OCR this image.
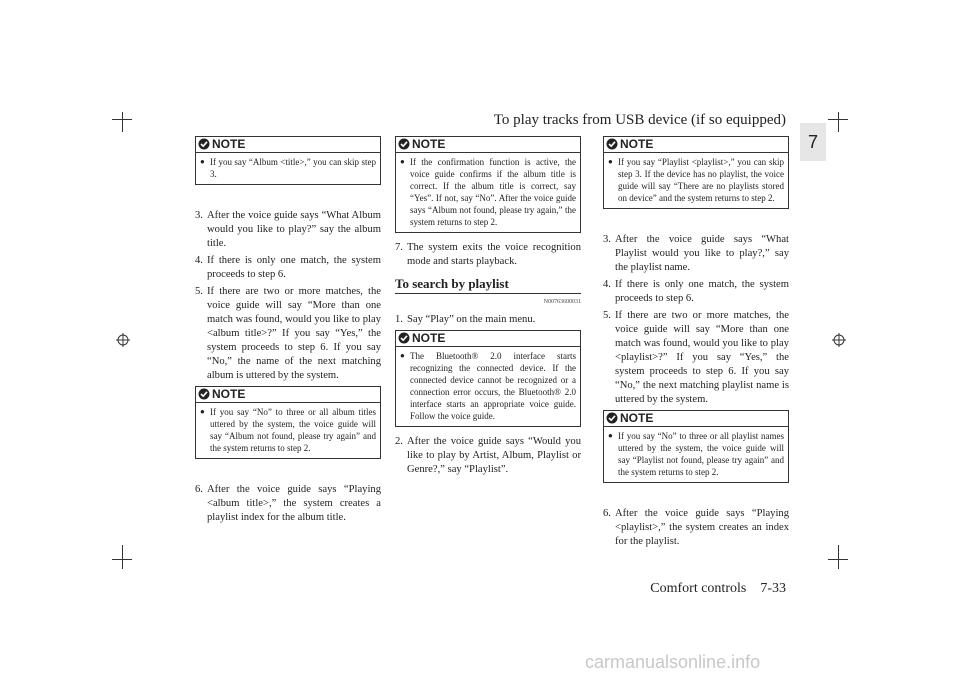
To play tracks from USB device (if so equipped)
7
NOTE
● If you say “Album <title>,” you can skip step 3.
3. After the voice guide says “What Album would you like to play?” say the album title.
4. If there is only one match, the system proceeds to step 6.
5. If there are two or more matches, the voice guide will say “More than one match was found, would you like to play <album title>?” If you say “Yes,” the system proceeds to step 6. If you say “No,” the name of the next matching album is uttered by the system.
NOTE
● If you say “No” to three or all album titles uttered by the system, the voice guide will say “Album not found, please try again” and the system returns to step 2.
6. After the voice guide says “Playing <album title>,” the system creates a playlist index for the album title.
NOTE
● If the confirmation function is active, the voice guide confirms if the album title is correct. If the album title is correct, say “Yes”. If not, say “No”. After the voice guide says “Album not found, please try again,” the system returns to step 2.
7. The system exits the voice recognition mode and starts playback.
To search by playlist
N00763600031
1. Say “Play” on the main menu.
NOTE
● The Bluetooth® 2.0 interface starts recognizing the connected device. If the connected device cannot be recognized or a connection error occurs, the Bluetooth® 2.0 interface starts an appropriate voice guide. Follow the voice guide.
2. After the voice guide says “Would you like to play by Artist, Album, Playlist or Genre?,” say “Playlist”.
NOTE
● If you say “Playlist <playlist>,” you can skip step 3. If the device has no playlist, the voice guide will say “There are no playlists stored on device” and the system returns to step 2.
3. After the voice guide says “What Playlist would you like to play?,” say the playlist name.
4. If there is only one match, the system proceeds to step 6.
5. If there are two or more matches, the voice guide will say “More than one match was found, would you like to play <playlist>?” If you say “Yes,” the system proceeds to step 6. If you say “No,” the next matching playlist name is uttered by the system.
NOTE
● If you say “No” to three or all playlist names uttered by the system, the voice guide will say “Playlist not found, please try again” and the system returns to step 2.
6. After the voice guide says “Playing <playlist>,” the system creates an index for the playlist.
Comfort controls 7-33
carmanualsonline.info
